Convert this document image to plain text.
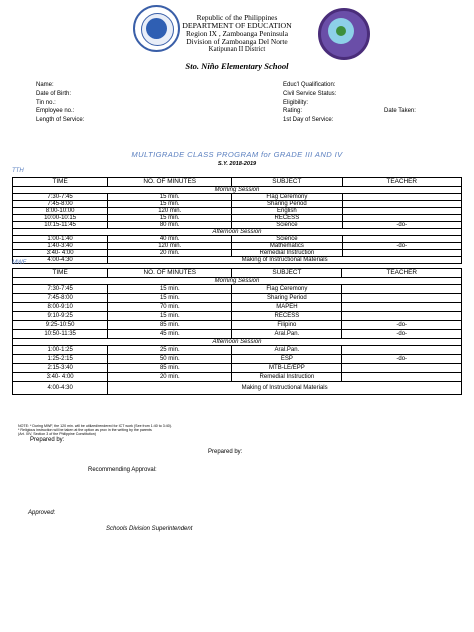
Republic of the Philippines
DEPARTMENT OF EDUCATION
Region IX , Zamboanga Peninsula
Division of Zamboanga Del Norte
Katipunan II District
Sto. Niño Elementary School
Name:
Date of Birth:
Tin no.:
Employee no.:
Length of Service:
Educ'l Qualification:
Civil Service Status:
Eligibility:
Rating:	Date Taken:
1st Day of Service:
MULTIGRADE CLASS PROGRAM for GRADE III AND IV
S.Y. 2018-2019
TTH
TIME	NO. OF MINUTES	SUBJECT	TEACHER
Morning Session			
7:30-7:45	15 min.	Flag Ceremony	
7:45-8:00	15 min.	Sharing Period	
8:00-10:00	120 min.	English	
10:00-10:15	15 min.	RECESS	
10:15-11:45	80 min.	Science	-do-
Afternoon Session			
1:00-1:40	40 min.	Science	
1:40-3:40	120 min.	Mathematics	-do-
3:40- 4:00	20 min.	Remedial Instruction	
4:00-4:30	Making of Instructional Materials		
MWF
TIME	NO. OF MINUTES	SUBJECT	TEACHER
Morning Session			
7:30-7:45	15 min.	Flag Ceremony	
7:45-8:00	15 min.	Sharing Period	
8:00-9:10	70 min.	MAPEH	
9:10-9:25	15 min.	RECESS	
9:25-10:50	85 min.	Filipino	-do-
10:50-11:35	45 min.	Aral.Pan.	-do-
Afternoon Session			
1:00-1:25	25 min.	Aral.Pan.	
1:25-2:15	50 min.	ESP	-do-
2:15-3:40	85 min.	MTB-LE/EPP	
3:40- 4:00	20 min.	Remedial Instruction	
4:00-4:30	Making of Instructional Materials		
NOTE: * During MWF, the 120 min. will be utilized/rendered for ICT work (See from 1:40 to 3:40).
* Religious instruction will be taken at the option as prov in the writing by the parents
(Art. XIV, Section 3 of the Philippine Constitution)
Prepared by:
Prepared by:
Recommending Approval:
Approved:
Schools Division Superintendent
